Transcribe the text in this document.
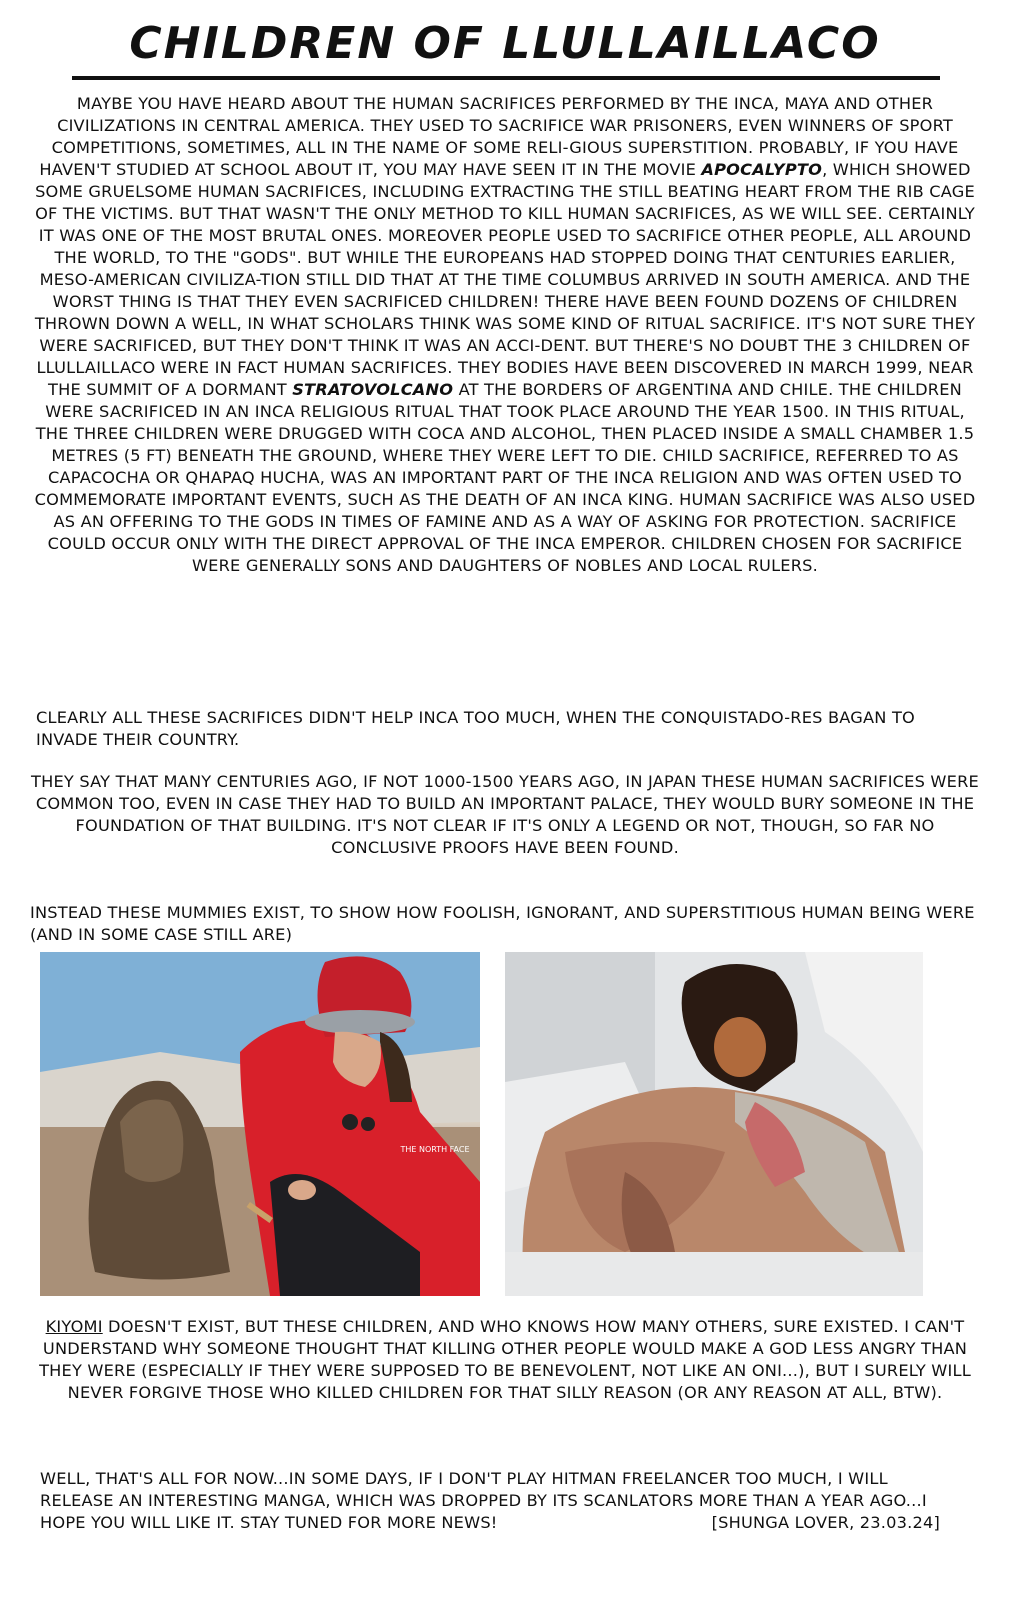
CHILDREN OF LLULLAILLACO

MAYBE YOU HAVE HEARD ABOUT THE HUMAN SACRIFICES PERFORMED BY THE INCA, MAYA AND OTHER CIVILIZATIONS IN CENTRAL AMERICA. THEY USED TO SACRIFICE WAR PRISONERS, EVEN WINNERS OF SPORT COMPETITIONS, SOMETIMES, ALL IN THE NAME OF SOME RELI-GIOUS SUPERSTITION. PROBABLY, IF YOU HAVE HAVEN'T STUDIED AT SCHOOL ABOUT IT, YOU MAY HAVE SEEN IT IN THE MOVIE APOCALYPTO, WHICH SHOWED SOME GRUELSOME HUMAN SACRIFICES, INCLUDING EXTRACTING THE STILL BEATING HEART FROM THE RIB CAGE OF THE VICTIMS. BUT THAT WASN'T THE ONLY METHOD TO KILL HUMAN SACRIFICES, AS WE WILL SEE. CERTAINLY IT WAS ONE OF THE MOST BRUTAL ONES. MOREOVER PEOPLE USED TO SACRIFICE OTHER PEOPLE, ALL AROUND THE WORLD, TO THE "GODS". BUT WHILE THE EUROPEANS HAD STOPPED DOING THAT CENTURIES EARLIER, MESO-AMERICAN CIVILIZA-TION STILL DID THAT AT THE TIME COLUMBUS ARRIVED IN SOUTH AMERICA. AND THE WORST THING IS THAT THEY EVEN SACRIFICED CHILDREN! THERE HAVE BEEN FOUND DOZENS OF CHILDREN THROWN DOWN A WELL, IN WHAT SCHOLARS THINK WAS SOME KIND OF RITUAL SACRIFICE. IT'S NOT SURE THEY WERE SACRIFICED, BUT THEY DON'T THINK IT WAS AN ACCI-DENT. BUT THERE'S NO DOUBT THE 3 CHILDREN OF LLULLAILLACO WERE IN FACT HUMAN SACRIFICES. THEY BODIES HAVE BEEN DISCOVERED IN MARCH 1999, NEAR THE SUMMIT OF A DORMANT STRATOVOLCANO AT THE BORDERS OF ARGENTINA AND CHILE. THE CHILDREN WERE SACRIFICED IN AN INCA RELIGIOUS RITUAL THAT TOOK PLACE AROUND THE YEAR 1500. IN THIS RITUAL, THE THREE CHILDREN WERE DRUGGED WITH COCA AND ALCOHOL, THEN PLACED INSIDE A SMALL CHAMBER 1.5 METRES (5 FT) BENEATH THE GROUND, WHERE THEY WERE LEFT TO DIE. CHILD SACRIFICE, REFERRED TO AS CAPACOCHA OR QHAPAQ HUCHA, WAS AN IMPORTANT PART OF THE INCA RELIGION AND WAS OFTEN USED TO COMMEMORATE IMPORTANT EVENTS, SUCH AS THE DEATH OF AN INCA KING. HUMAN SACRIFICE WAS ALSO USED AS AN OFFERING TO THE GODS IN TIMES OF FAMINE AND AS A WAY OF ASKING FOR PROTECTION. SACRIFICE COULD OCCUR ONLY WITH THE DIRECT APPROVAL OF THE INCA EMPEROR. CHILDREN CHOSEN FOR SACRIFICE WERE GENERALLY SONS AND DAUGHTERS OF NOBLES AND LOCAL RULERS.

CLEARLY ALL THESE SACRIFICES DIDN'T HELP INCA TOO MUCH, WHEN THE CONQUISTADO-RES BAGAN TO INVADE THEIR COUNTRY.

THEY SAY THAT MANY CENTURIES AGO, IF NOT 1000-1500 YEARS AGO, IN JAPAN THESE HUMAN SACRIFICES WERE COMMON TOO, EVEN IN CASE THEY HAD TO BUILD AN IMPORTANT PALACE, THEY WOULD BURY SOMEONE IN THE FOUNDATION OF THAT BUILDING. IT'S NOT CLEAR IF IT'S ONLY A LEGEND OR NOT, THOUGH, SO FAR NO CONCLUSIVE PROOFS HAVE BEEN FOUND.

INSTEAD THESE MUMMIES EXIST, TO SHOW HOW FOOLISH, IGNORANT, AND SUPERSTITIOUS HUMAN BEING WERE (AND IN SOME CASE STILL ARE)

THE NORTH FACE

KIYOMI DOESN'T EXIST, BUT THESE CHILDREN, AND WHO KNOWS HOW MANY OTHERS, SURE EXISTED. I CAN'T UNDERSTAND WHY SOMEONE THOUGHT THAT KILLING OTHER PEOPLE WOULD MAKE A GOD LESS ANGRY THAN THEY WERE (ESPECIALLY IF THEY WERE SUPPOSED TO BE BENEVOLENT, NOT LIKE AN ONI...), BUT I SURELY WILL NEVER FORGIVE THOSE WHO KILLED CHILDREN FOR THAT SILLY REASON (OR ANY REASON AT ALL, BTW).

WELL, THAT'S ALL FOR NOW...IN SOME DAYS, IF I DON'T PLAY HITMAN FREELANCER TOO MUCH, I WILL RELEASE AN INTERESTING MANGA, WHICH WAS DROPPED BY ITS SCANLATORS MORE THAN A YEAR AGO...I HOPE YOU WILL LIKE IT. STAY TUNED FOR MORE NEWS!	[SHUNGA LOVER, 23.03.24]
